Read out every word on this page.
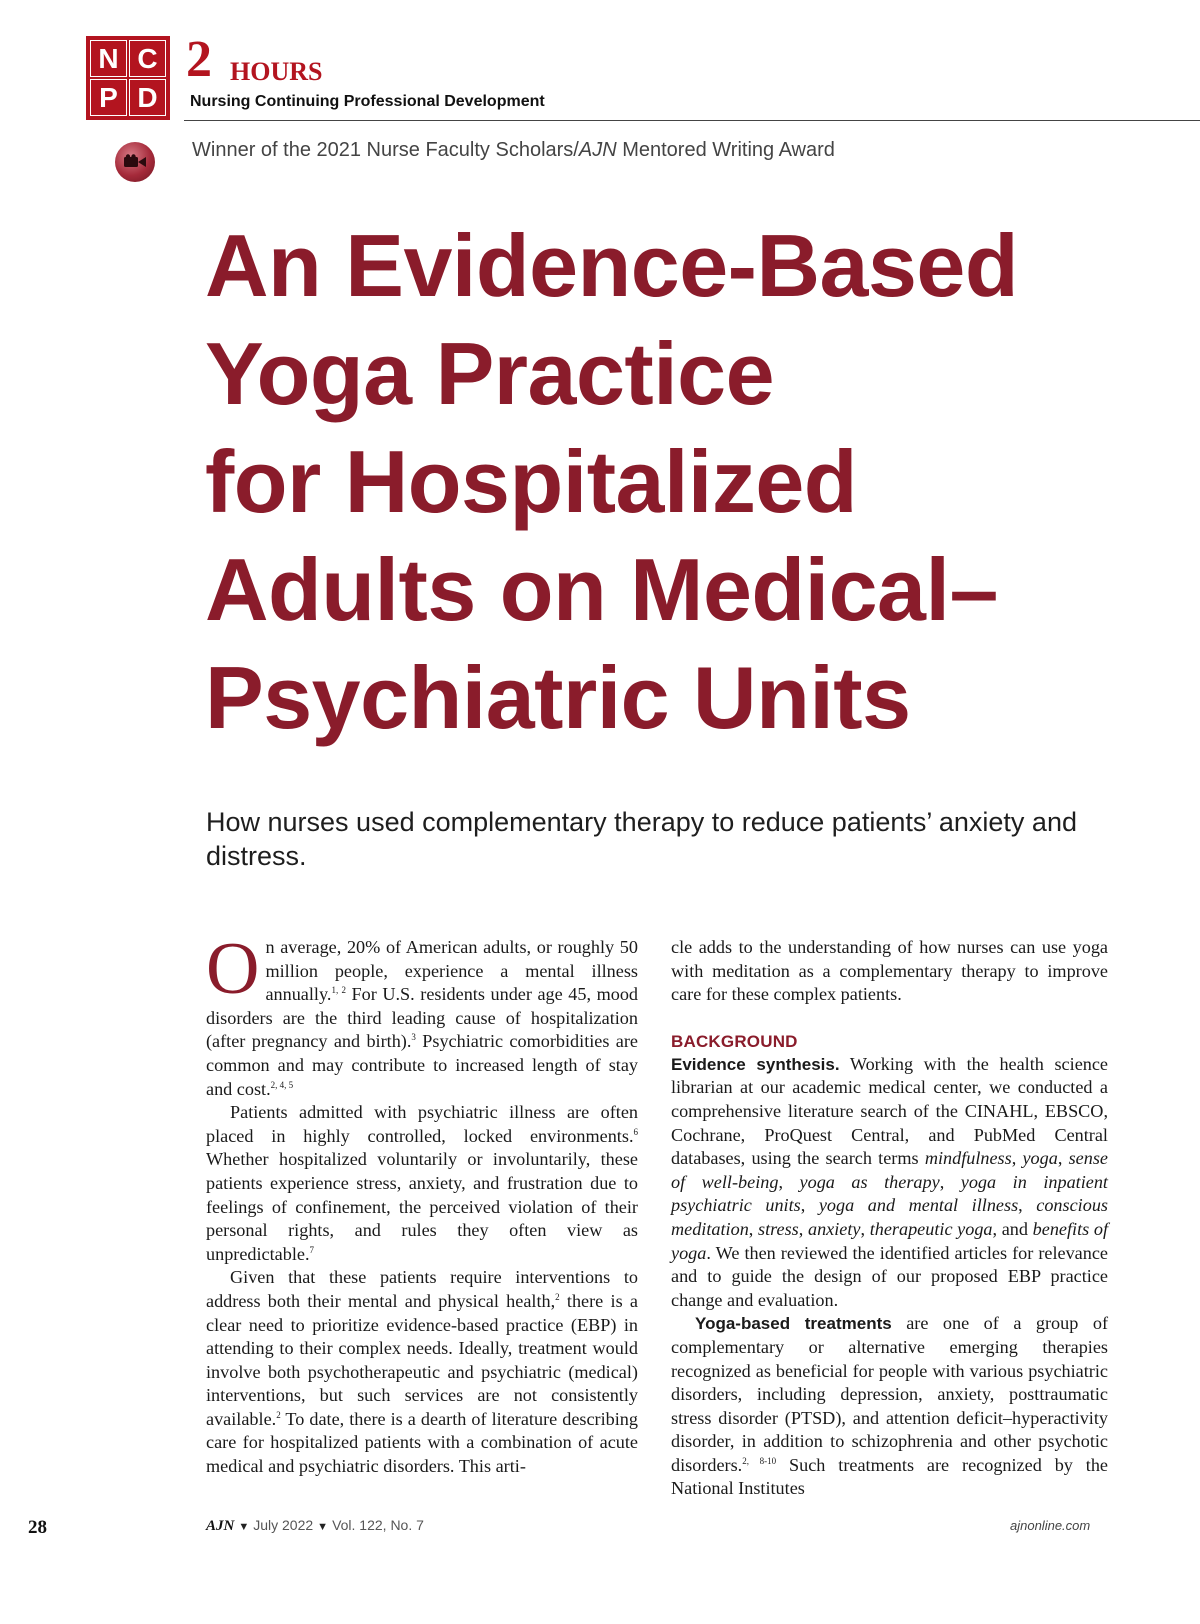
N C
P D
2 HOURS
Nursing Continuing Professional Development
Winner of the 2021 Nurse Faculty Scholars/AJN Mentored Writing Award
An Evidence-Based
Yoga Practice
for Hospitalized
Adults on Medical–
Psychiatric Units
How nurses used complementary therapy to reduce patients’ anxiety and distress.

On average, 20% of American adults, or roughly 50 million people, experience a mental illness annually.$^{1, 2}$ For U.S. residents under age 45, mood disorders are the third leading cause of hospitalization (after pregnancy and birth).$^3$ Psychiatric comorbidities are common and may contribute to increased length of stay and cost.$^{2, 4, 5}$

Patients admitted with psychiatric illness are often placed in highly controlled, locked environments.$^6$ Whether hospitalized voluntarily or involuntarily, these patients experience stress, anxiety, and frustration due to feelings of confinement, the perceived violation of their personal rights, and rules they often view as unpredictable.$^7$

Given that these patients require interventions to address both their mental and physical health,$^2$ there is a clear need to prioritize evidence-based practice (EBP) in attending to their complex needs. Ideally, treatment would involve both psychotherapeutic and psychiatric (medical) interventions, but such services are not consistently available.$^2$ To date, there is a dearth of literature describing care for hospitalized patients with a combination of acute medical and psychiatric disorders. This arti-

cle adds to the understanding of how nurses can use yoga with meditation as a complementary therapy to improve care for these complex patients.

BACKGROUND

Evidence synthesis. Working with the health science librarian at our academic medical center, we conducted a comprehensive literature search of the CINAHL, EBSCO, Cochrane, ProQuest Central, and PubMed Central databases, using the search terms mindfulness, yoga, sense of well-being, yoga as therapy, yoga in inpatient psychiatric units, yoga and mental illness, conscious meditation, stress, anxiety, therapeutic yoga, and benefits of yoga. We then reviewed the identified articles for relevance and to guide the design of our proposed EBP practice change and evaluation.

Yoga-based treatments are one of a group of complementary or alternative emerging therapies recognized as beneficial for people with various psychiatric disorders, including depression, anxiety, posttraumatic stress disorder (PTSD), and attention deficit–hyperactivity disorder, in addition to schizophrenia and other psychotic disorders.$^{2, 8-10}$ Such treatments are recognized by the National Institutes

28	AJN ▼ July 2022 ▼ Vol. 122, No. 7	ajnonline.com
